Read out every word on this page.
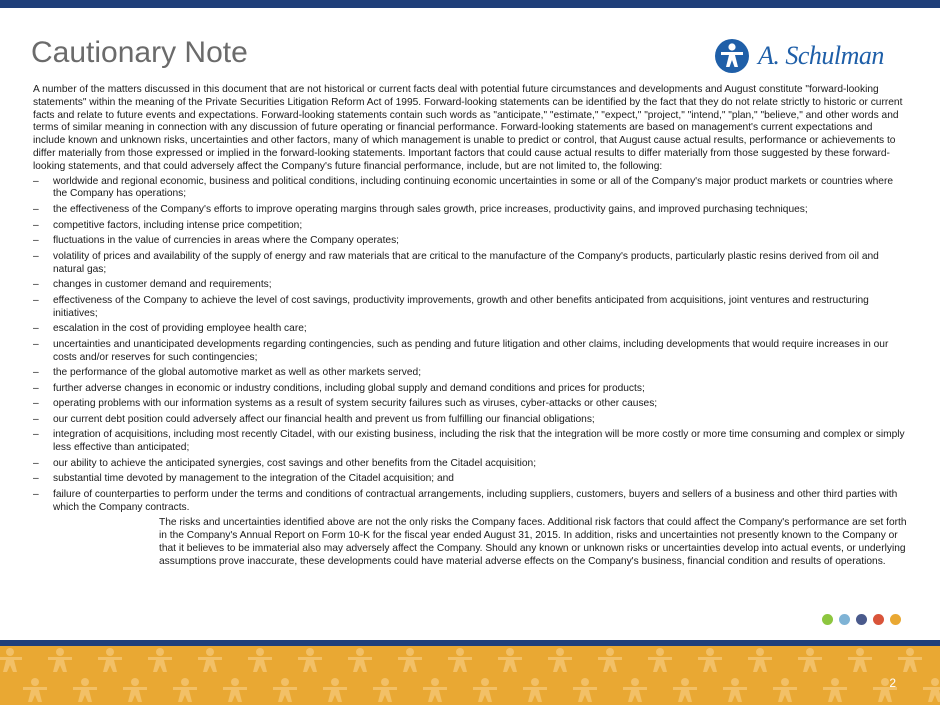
Cautionary Note	A. Schulman

A number of the matters discussed in this document that are not historical or current facts deal with potential future circumstances and developments and August constitute "forward-looking statements" within the meaning of the Private Securities Litigation Reform Act of 1995. Forward-looking statements can be identified by the fact that they do not relate strictly to historic or current facts and relate to future events and expectations. Forward-looking statements contain such words as "anticipate," "estimate," "expect," "project," "intend," "plan," "believe," and other words and terms of similar meaning in connection with any discussion of future operating or financial performance. Forward-looking statements are based on management's current expectations and include known and unknown risks, uncertainties and other factors, many of which management is unable to predict or control, that August cause actual results, performance or achievements to differ materially from those expressed or implied in the forward-looking statements. Important factors that could cause actual results to differ materially from those suggested by these forward-looking statements, and that could adversely affect the Company's future financial performance, include, but are not limited to, the following:

– worldwide and regional economic, business and political conditions, including continuing economic uncertainties in some or all of the Company's major product markets or countries where the Company has operations;
– the effectiveness of the Company's efforts to improve operating margins through sales growth, price increases, productivity gains, and improved purchasing techniques;
– competitive factors, including intense price competition;
– fluctuations in the value of currencies in areas where the Company operates;
– volatility of prices and availability of the supply of energy and raw materials that are critical to the manufacture of the Company's products, particularly plastic resins derived from oil and natural gas;
– changes in customer demand and requirements;
– effectiveness of the Company to achieve the level of cost savings, productivity improvements, growth and other benefits anticipated from acquisitions, joint ventures and restructuring initiatives;
– escalation in the cost of providing employee health care;
– uncertainties and unanticipated developments regarding contingencies, such as pending and future litigation and other claims, including developments that would require increases in our costs and/or reserves for such contingencies;
– the performance of the global automotive market as well as other markets served;
– further adverse changes in economic or industry conditions, including global supply and demand conditions and prices for products;
– operating problems with our information systems as a result of system security failures such as viruses, cyber-attacks or other causes;
– our current debt position could adversely affect our financial health and prevent us from fulfilling our financial obligations;
– integration of acquisitions, including most recently Citadel, with our existing business, including the risk that the integration will be more costly or more time consuming and complex or simply less effective than anticipated;
– our ability to achieve the anticipated synergies, cost savings and other benefits from the Citadel acquisition;
– substantial time devoted by management to the integration of the Citadel acquisition; and
– failure of counterparties to perform under the terms and conditions of contractual arrangements, including suppliers, customers, buyers and sellers of a business and other third parties with which the Company contracts.

The risks and uncertainties identified above are not the only risks the Company faces. Additional risk factors that could affect the Company's performance are set forth in the Company's Annual Report on Form 10-K for the fiscal year ended August 31, 2015. In addition, risks and uncertainties not presently known to the Company or that it believes to be immaterial also may adversely affect the Company. Should any known or unknown risks or uncertainties develop into actual events, or underlying assumptions prove inaccurate, these developments could have material adverse effects on the Company's business, financial condition and results of operations.

2
